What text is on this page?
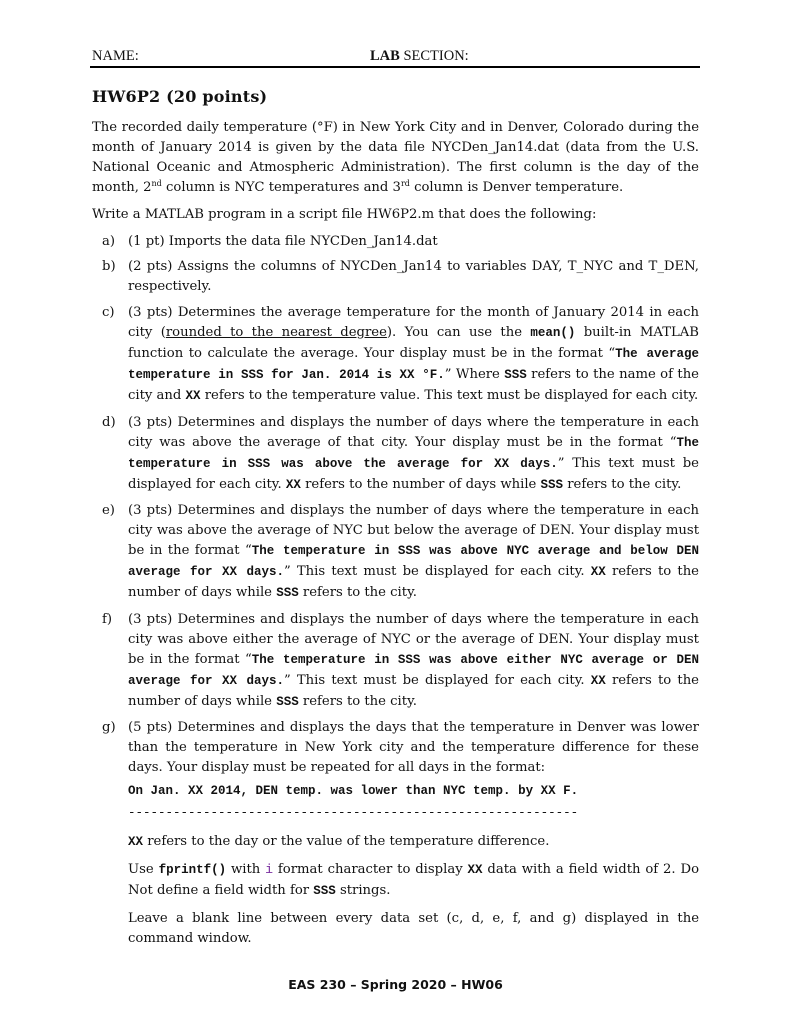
NAME:	LAB SECTION:
HW6P2 (20 points)

The recorded daily temperature (°F) in New York City and in Denver, Colorado during the month of January 2014 is given by the data file NYCDen_Jan14.dat (data from the U.S. National Oceanic and Atmospheric Administration). The first column is the day of the month, 2nd column is NYC temperatures and 3rd column is Denver temperature.

Write a MATLAB program in a script file HW6P2.m that does the following:

a) (1 pt) Imports the data file NYCDen_Jan14.dat
b) (2 pts) Assigns the columns of NYCDen_Jan14 to variables DAY, T_NYC and T_DEN, respectively.
c) (3 pts) Determines the average temperature for the month of January 2014 in each city (rounded to the nearest degree). You can use the mean() built-in MATLAB function to calculate the average. Your display must be in the format “The average temperature in SSS for Jan. 2014 is XX °F.” Where SSS refers to the name of the city and XX refers to the temperature value. This text must be displayed for each city.
d) (3 pts) Determines and displays the number of days where the temperature in each city was above the average of that city. Your display must be in the format “The temperature in SSS was above the average for XX days.” This text must be displayed for each city. XX refers to the number of days while SSS refers to the city.
e) (3 pts) Determines and displays the number of days where the temperature in each city was above the average of NYC but below the average of DEN. Your display must be in the format “The temperature in SSS was above NYC average and below DEN average for XX days.” This text must be displayed for each city. XX refers to the number of days while SSS refers to the city.
f) (3 pts) Determines and displays the number of days where the temperature in each city was above either the average of NYC or the average of DEN. Your display must be in the format “The temperature in SSS was above either NYC average or DEN average for XX days.” This text must be displayed for each city. XX refers to the number of days while SSS refers to the city.
g) (5 pts) Determines and displays the days that the temperature in Denver was lower than the temperature in New York city and the temperature difference for these days. Your display must be repeated for all days in the format:
On Jan. XX 2014, DEN temp. was lower than NYC temp. by XX F.
------------------------------------------------------------

XX refers to the day or the value of the temperature difference.

Use fprintf() with i format character to display XX data with a field width of 2. Do Not define a field width for SSS strings.

Leave a blank line between every data set (c, d, e, f, and g) displayed in the command window.

EAS 230 – Spring 2020 – HW06
